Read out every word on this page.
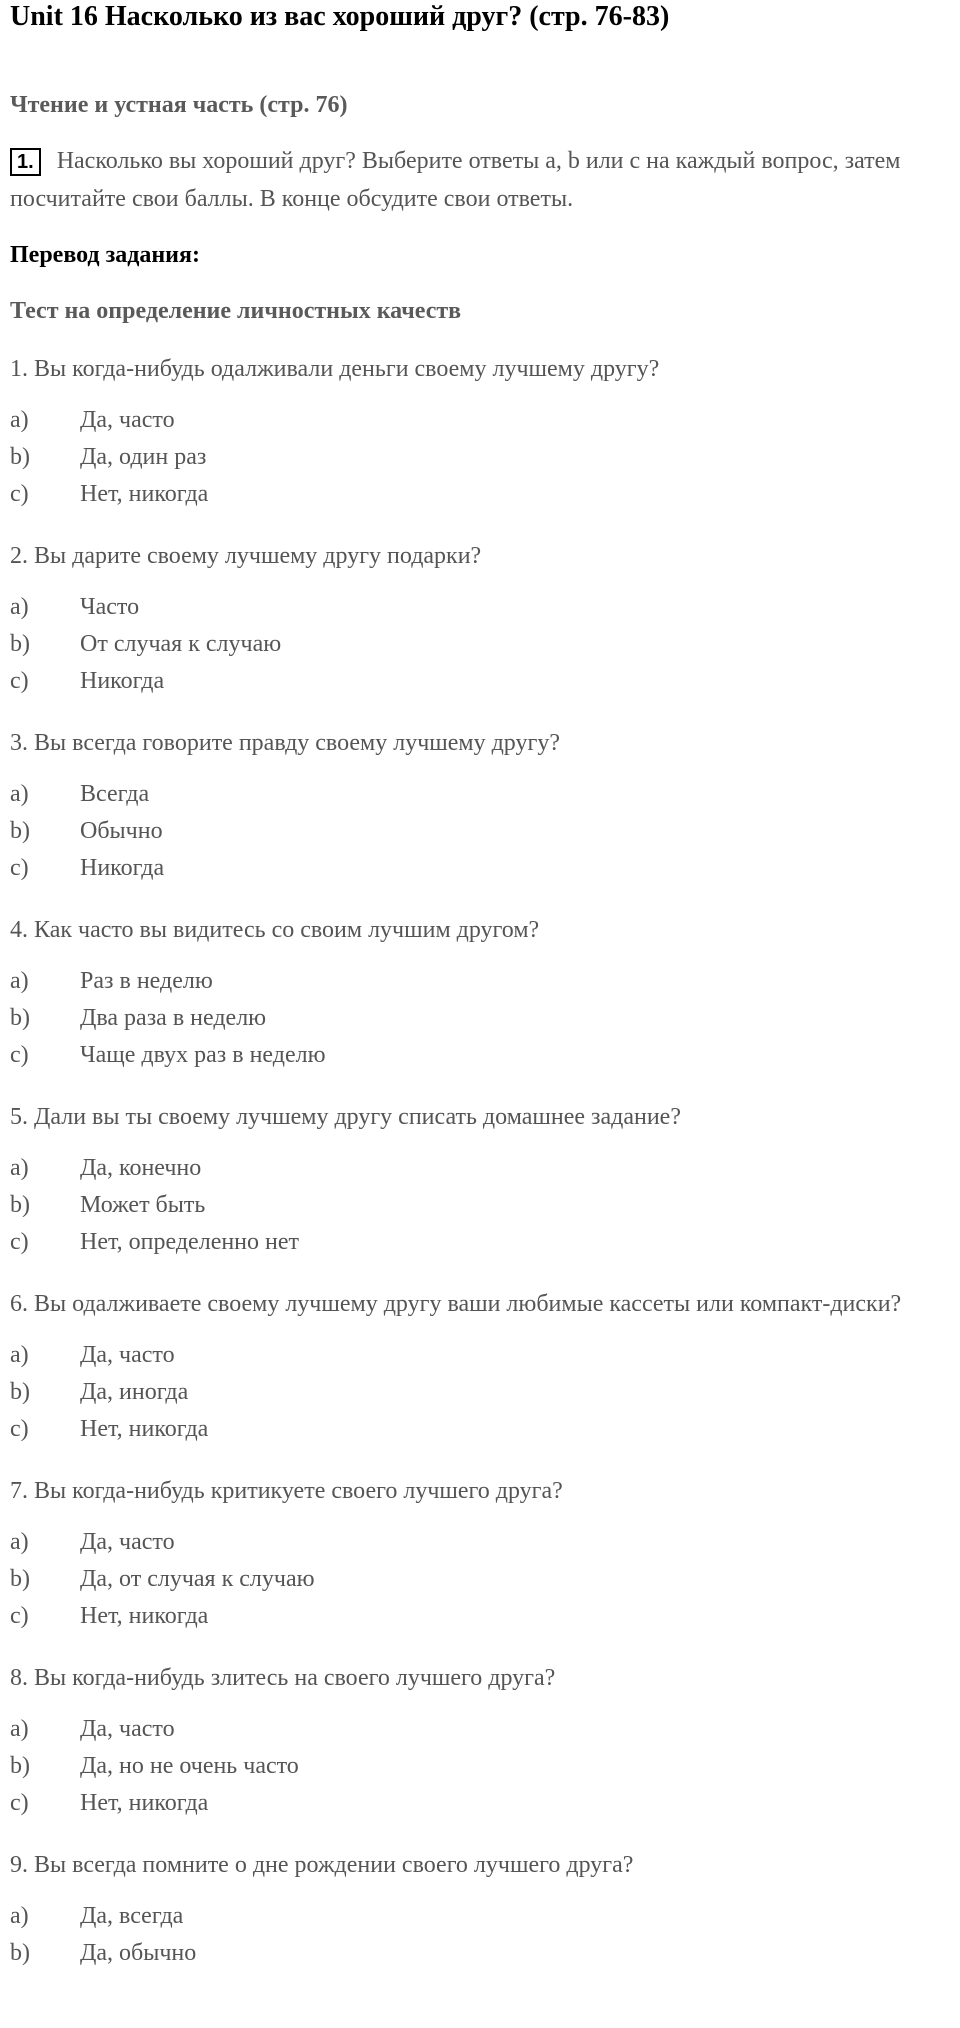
Unit 16 Насколько из вас хороший друг? (стр. 76-83)
Чтение и устная часть (стр. 76)

1. Насколько вы хороший друг? Выберите ответы a, b или c на каждый вопрос, затем посчитайте свои баллы. В конце обсудите свои ответы.

Перевод задания:
Тест на определение личностных качеств

1. Вы когда-нибудь одалживали деньги своему лучшему другу?

a)	Да, часто
b)	Да, один раз
c)	Нет, никогда

2. Вы дарите своему лучшему другу подарки?

a)	Часто
b)	От случая к случаю
c)	Никогда

3. Вы всегда говорите правду своему лучшему другу?

a)	Всегда
b)	Обычно
c)	Никогда

4. Как часто вы видитесь со своим лучшим другом?

a)	Раз в неделю
b)	Два раза в неделю
c)	Чаще двух раз в неделю

5. Дали вы ты своему лучшему другу списать домашнее задание?

a)	Да, конечно
b)	Может быть
c)	Нет, определенно нет

6. Вы одалживаете своему лучшему другу ваши любимые кассеты или компакт-диски?

a)	Да, часто
b)	Да, иногда
c)	Нет, никогда

7. Вы когда-нибудь критикуете своего лучшего друга?

a)	Да, часто
b)	Да, от случая к случаю
c)	Нет, никогда

8. Вы когда-нибудь злитесь на своего лучшего друга?

a)	Да, часто
b)	Да, но не очень часто
c)	Нет, никогда

9. Вы всегда помните о дне рождении своего лучшего друга?

a)	Да, всегда
b)	Да, обычно
